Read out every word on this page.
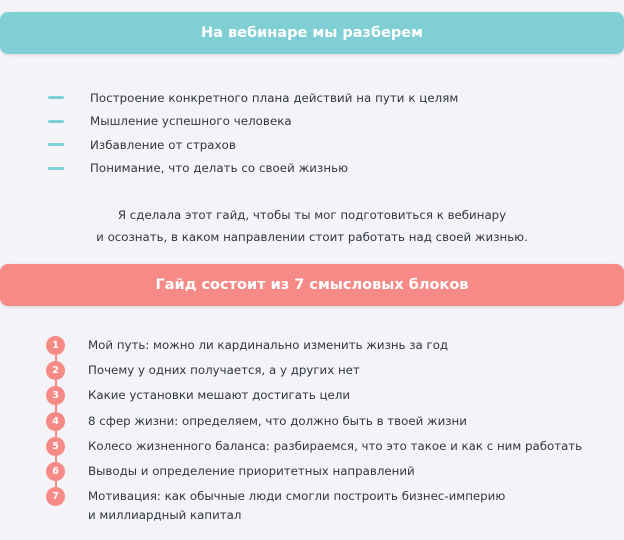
На вебинаре мы разберем
Построение конкретного плана действий на пути к целям
Мышление успешного человека
Избавление от страхов
Понимание, что делать со своей жизнью
Я сделала этот гайд, чтобы ты мог подготовиться к вебинару
и осознать, в каком направлении стоит работать над своей жизнью.
Гайд состоит из 7 смысловых блоков
1	Мой путь: можно ли кардинально изменить жизнь за год
2	Почему у одних получается, а у других нет
3	Какие установки мешают достигать цели
4	8 сфер жизни: определяем, что должно быть в твоей жизни
5	Колесо жизненного баланса: разбираемся, что это такое и как с ним работать
6	Выводы и определение приоритетных направлений
7	Мотивация: как обычные люди смогли построить бизнес-империю
и миллиардный капитал
